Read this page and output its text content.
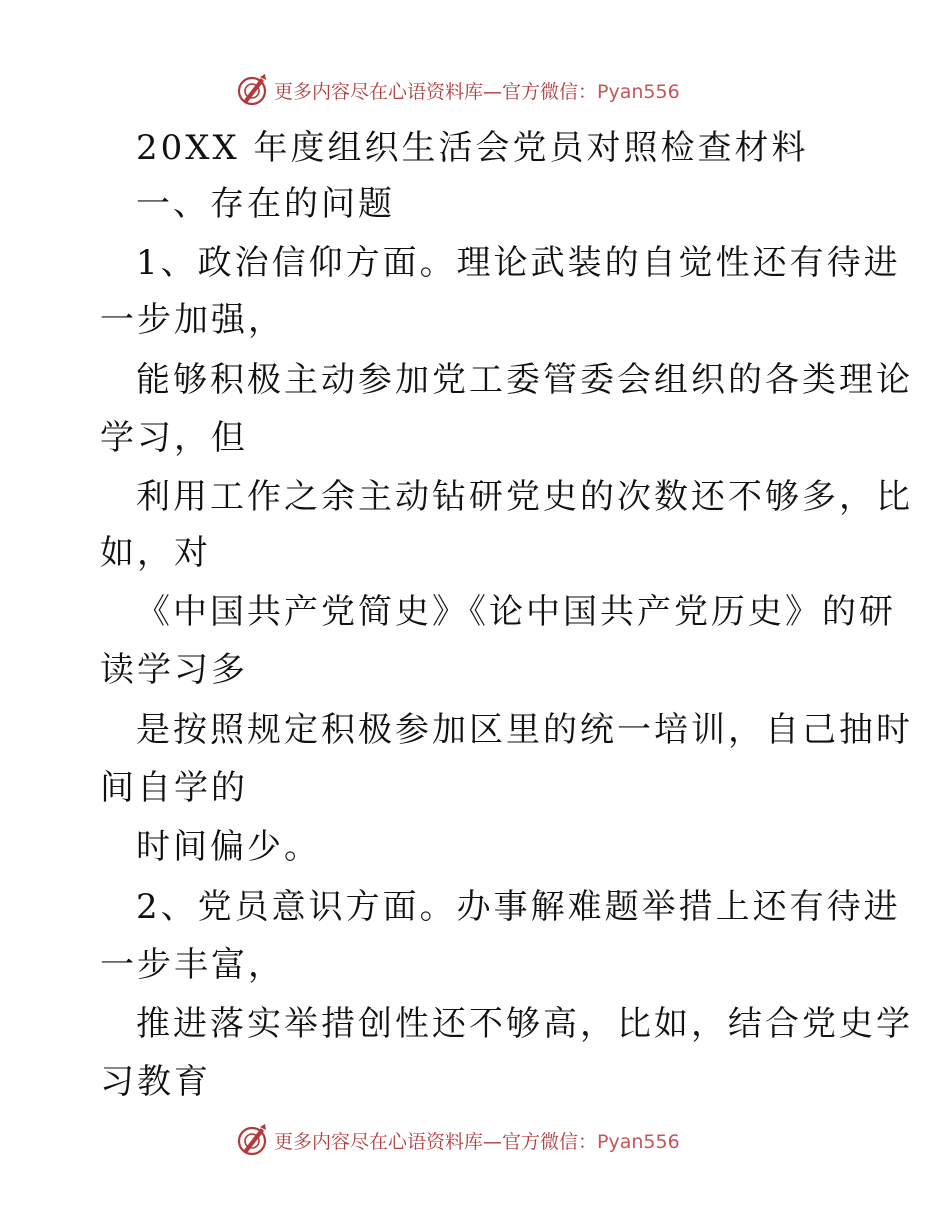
更多内容尽在心语资料库—官方微信：Pyan556
20XX 年度组织生活会党员对照检查材料
一、存在的问题
1、政治信仰方面。理论武装的自觉性还有待进
一步加强，
能够积极主动参加党工委管委会组织的各类理论
学习，但
利用工作之余主动钻研党史的次数还不够多，比
如，对
《中国共产党简史》《论中国共产党历史》的研
读学习多
是按照规定积极参加区里的统一培训，自己抽时
间自学的
时间偏少。
2、党员意识方面。办事解难题举措上还有待进
一步丰富，
推进落实举措创性还不够高，比如，结合党史学
习教育
更多内容尽在心语资料库—官方微信：Pyan556
